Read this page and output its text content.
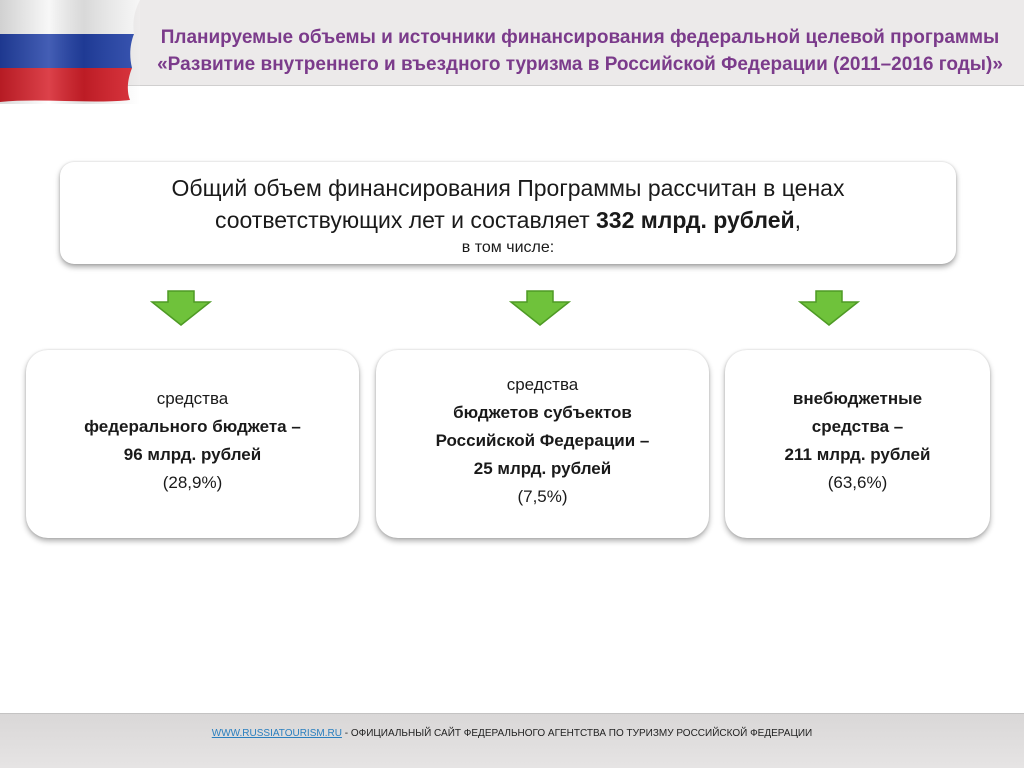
Планируемые объемы и источники финансирования федеральной целевой программы
«Развитие внутреннего и въездного туризма в Российской Федерации (2011–2016 годы)»
Общий объем финансирования Программы рассчитан в ценах
соответствующих лет и составляет 332 млрд. рублей,
в том числе:
средства
федерального бюджета –
96 млрд. рублей
(28,9%)
средства
бюджетов субъектов
Российской Федерации –
25 млрд. рублей
(7,5%)
внебюджетные
средства –
211 млрд. рублей
(63,6%)
WWW.RUSSIATOURISM.RU - ОФИЦИАЛЬНЫЙ САЙТ ФЕДЕРАЛЬНОГО АГЕНТСТВА ПО ТУРИЗМУ РОССИЙСКОЙ ФЕДЕРАЦИИ
